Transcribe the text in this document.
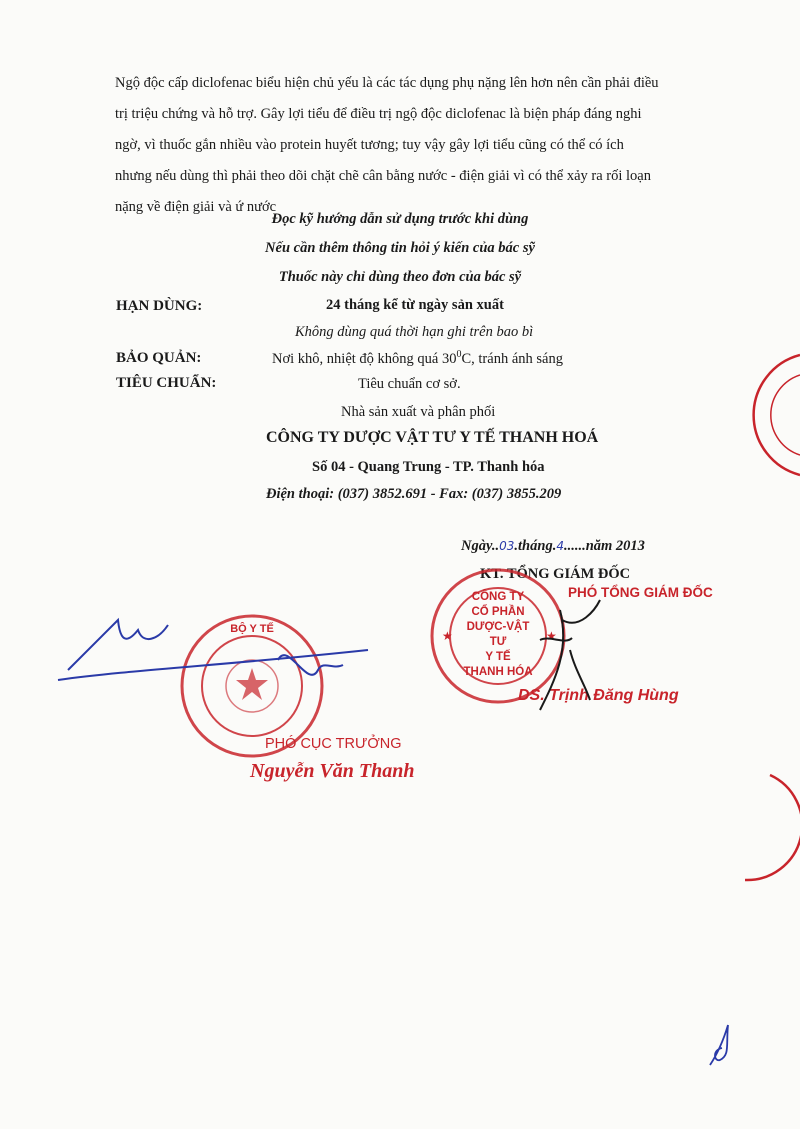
Ngộ độc cấp diclofenac biểu hiện chủ yếu là các tác dụng phụ nặng lên hơn nên cần phải điều

trị triệu chứng và hỗ trợ. Gây lợi tiểu để điều trị ngộ độc diclofenac là biện pháp đáng nghi

ngờ, vì thuốc gắn nhiều vào protein huyết tương; tuy vậy gây lợi tiểu cũng có thể có ích

nhưng nếu dùng thì phải theo dõi chặt chẽ cân bằng nước - điện giải vì có thể xảy ra rối loạn

nặng về điện giải và ứ nước

Đọc kỹ hướng dẫn sử dụng trước khi dùng
Nếu cần thêm thông tin hỏi ý kiến của bác sỹ
Thuốc này chỉ dùng theo đơn của bác sỹ
HẠN DÙNG:	24 tháng kể từ ngày sản xuất
Không dùng quá thời hạn ghi trên bao bì
BẢO QUẢN:	Nơi khô, nhiệt độ không quá $30^0C$, tránh ánh sáng
TIÊU CHUẨN:	Tiêu chuẩn cơ sở.
Nhà sản xuất và phân phối
CÔNG TY DƯỢC VẬT TƯ Y TẾ THANH HOÁ
Số 04 - Quang Trung - TP. Thanh hóa
Điện thoại: (037) 3852.691 - Fax: (037) 3855.209
Ngày..03.tháng.4......năm 2013
KT. TỔNG GIÁM ĐỐC
PHÓ TỔNG GIÁM ĐỐC
DS. Trịnh Đăng Hùng
★	★
CÔNG TY
CỔ PHẦN
DƯỢC-VẬT TƯ
Y TẾ
THANH HÓA
BỘ Y TẾ
PHÓ CỤC TRƯỞNG
Nguyễn Văn Thanh
